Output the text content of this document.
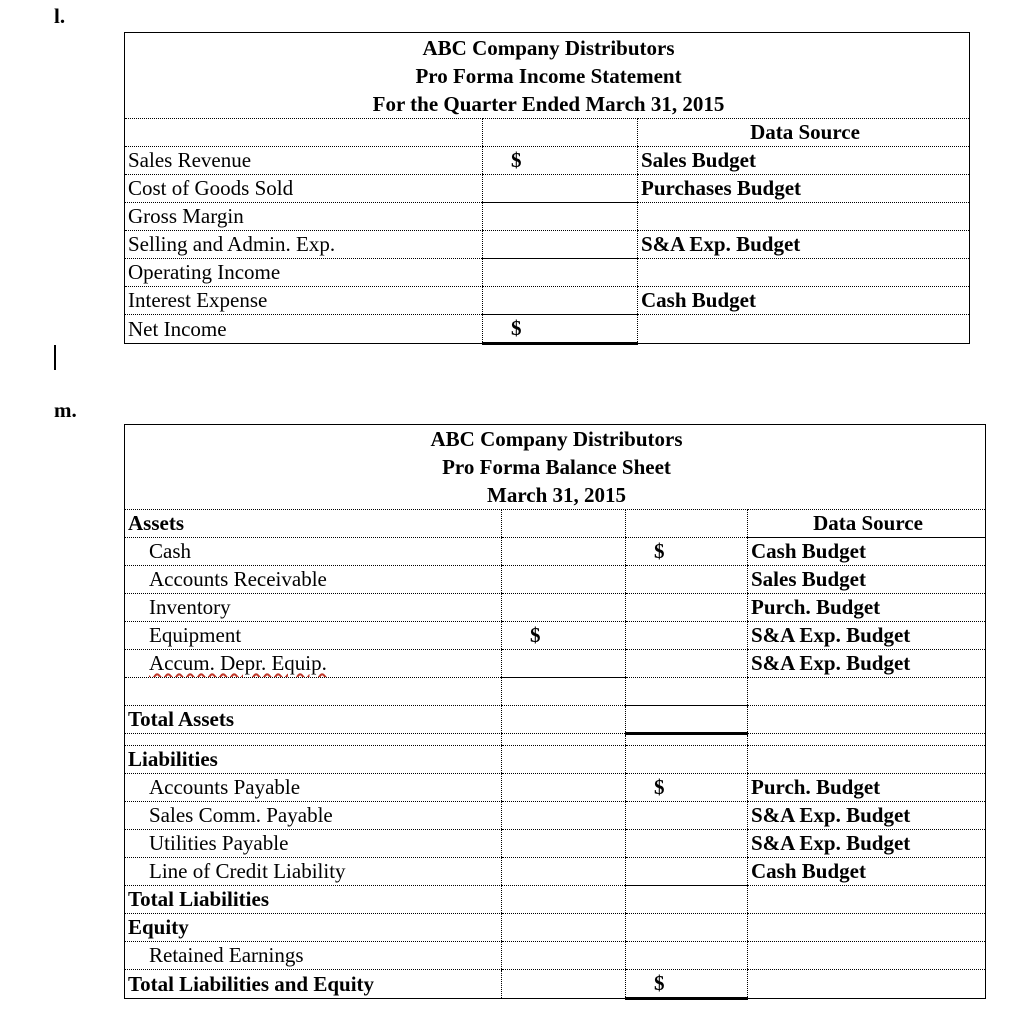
l.
ABC Company Distributors
Pro Forma Income Statement
For the Quarter Ended March 31, 2015		

		Data Source
Sales Revenue	$	Sales Budget
Cost of Goods Sold		Purchases Budget
Gross Margin		
Selling and Admin. Exp.		S&A Exp. Budget
Operating Income		
Interest Expense		Cash Budget
Net Income	$	
m.
ABC Company Distributors
Pro Forma Balance Sheet
March 31, 2015			

Assets			Data Source
Cash		$	Cash Budget
Accounts Receivable			Sales Budget
Inventory			Purch. Budget
Equipment	$		S&A Exp. Budget
Accum. Depr. Equip.			S&A Exp. Budget

Total Assets			

Liabilities			
Accounts Payable		$	Purch. Budget
Sales Comm. Payable			S&A Exp. Budget
Utilities Payable			S&A Exp. Budget
Line of Credit Liability			Cash Budget
Total Liabilities			
Equity			
Retained Earnings			
Total Liabilities and Equity		$	
